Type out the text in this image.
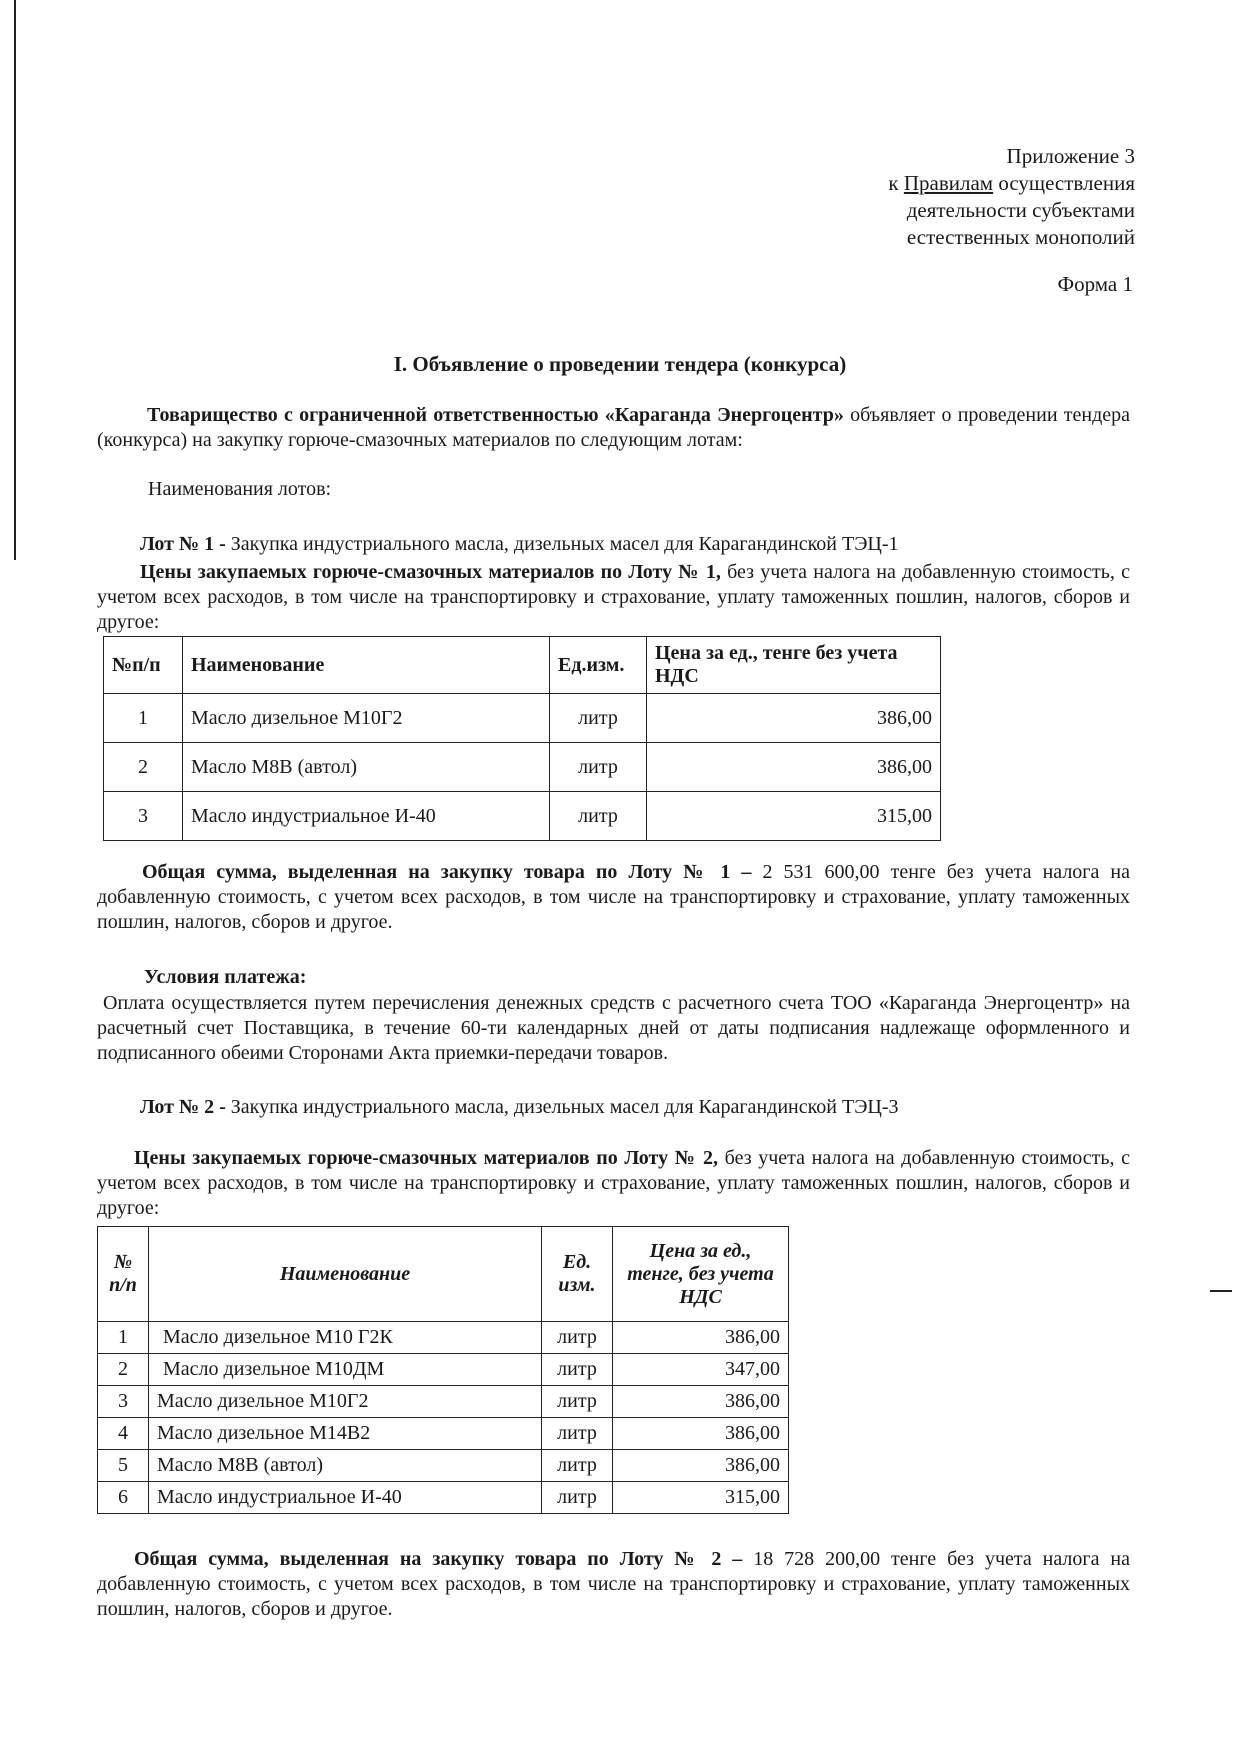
Приложение 3
к Правилам осуществления
деятельности субъектами
естественных монополий
Форма 1
I. Объявление о проведении тендера (конкурса)
Товарищество с ограниченной ответственностью «Караганда Энергоцентр» объявляет о проведении тендера (конкурса) на закупку горюче-смазочных материалов по следующим лотам:
Наименования лотов:
Лот № 1 - Закупка индустриального масла, дизельных масел для Карагандинской ТЭЦ-1
Цены закупаемых горюче-смазочных материалов по Лоту № 1, без учета налога на добавленную стоимость, с учетом всех расходов, в том числе на транспортировку и страхование, уплату таможенных пошлин, налогов, сборов и другое:
№п/п	Наименование	Ед.изм.	Цена за ед., тенге без учета НДС
1	Масло дизельное М10Г2	литр	386,00
2	Масло М8В (автол)	литр	386,00
3	Масло индустриальное И-40	литр	315,00
Общая сумма, выделенная на закупку товара по Лоту № 1 – 2 531 600,00 тенге без учета налога на добавленную стоимость, с учетом всех расходов, в том числе на транспортировку и страхование, уплату таможенных пошлин, налогов, сборов и другое.
Условия платежа:
Оплата осуществляется путем перечисления денежных средств с расчетного счета ТОО «Караганда Энергоцентр» на расчетный счет Поставщика, в течение 60-ти календарных дней от даты подписания надлежаще оформленного и подписанного обеими Сторонами Акта приемки-передачи товаров.
Лот № 2 - Закупка индустриального масла, дизельных масел для Карагандинской ТЭЦ-3
Цены закупаемых горюче-смазочных материалов по Лоту № 2, без учета налога на добавленную стоимость, с учетом всех расходов, в том числе на транспортировку и страхование, уплату таможенных пошлин, налогов, сборов и другое:
№ п/п	Наименование	Ед. изм.	Цена за ед., тенге, без учета НДС
1	Масло дизельное М10 Г2К	литр	386,00
2	Масло дизельное М10ДМ	литр	347,00
3	Масло дизельное М10Г2	литр	386,00
4	Масло дизельное М14В2	литр	386,00
5	Масло М8В (автол)	литр	386,00
6	Масло индустриальное И-40	литр	315,00
Общая сумма, выделенная на закупку товара по Лоту № 2 – 18 728 200,00 тенге без учета налога на добавленную стоимость, с учетом всех расходов, в том числе на транспортировку и страхование, уплату таможенных пошлин, налогов, сборов и другое.
